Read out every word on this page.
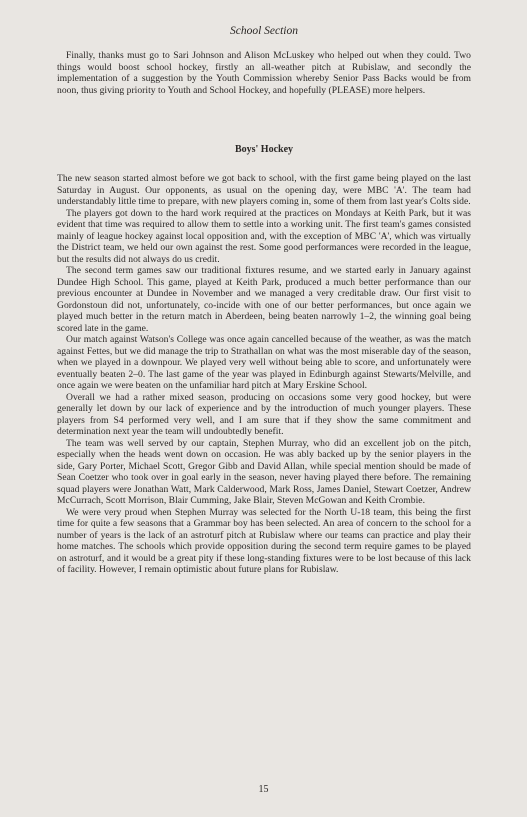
School Section

Finally, thanks must go to Sari Johnson and Alison McLuskey who helped out when they could. Two things would boost school hockey, firstly an all-weather pitch at Rubislaw, and secondly the implementation of a suggestion by the Youth Commission whereby Senior Pass Backs would be from noon, thus giving priority to Youth and School Hockey, and hopefully (PLEASE) more helpers.

Boys' Hockey

The new season started almost before we got back to school, with the first game being played on the last Saturday in August. Our opponents, as usual on the opening day, were MBC 'A'. The team had understandably little time to prepare, with new players coming in, some of them from last year's Colts side.

The players got down to the hard work required at the practices on Mondays at Keith Park, but it was evident that time was required to allow them to settle into a working unit. The first team's games consisted mainly of league hockey against local opposition and, with the exception of MBC 'A', which was virtually the District team, we held our own against the rest. Some good performances were recorded in the league, but the results did not always do us credit.

The second term games saw our traditional fixtures resume, and we started early in January against Dundee High School. This game, played at Keith Park, produced a much better performance than our previous encounter at Dundee in November and we managed a very creditable draw. Our first visit to Gordonstoun did not, unfortunately, co-incide with one of our better performances, but once again we played much better in the return match in Aberdeen, being beaten narrowly 1–2, the winning goal being scored late in the game.

Our match against Watson's College was once again cancelled because of the weather, as was the match against Fettes, but we did manage the trip to Strathallan on what was the most miserable day of the season, when we played in a downpour. We played very well without being able to score, and unfortunately were eventually beaten 2–0. The last game of the year was played in Edinburgh against Stewarts/Melville, and once again we were beaten on the unfamiliar hard pitch at Mary Erskine School.

Overall we had a rather mixed season, producing on occasions some very good hockey, but were generally let down by our lack of experience and by the introduction of much younger players. These players from S4 performed very well, and I am sure that if they show the same commitment and determination next year the team will undoubtedly benefit.

The team was well served by our captain, Stephen Murray, who did an excellent job on the pitch, especially when the heads went down on occasion. He was ably backed up by the senior players in the side, Gary Porter, Michael Scott, Gregor Gibb and David Allan, while special mention should be made of Sean Coetzer who took over in goal early in the season, never having played there before. The remaining squad players were Jonathan Watt, Mark Calderwood, Mark Ross, James Daniel, Stewart Coetzer, Andrew McCurrach, Scott Morrison, Blair Cumming, Jake Blair, Steven McGowan and Keith Crombie.

We were very proud when Stephen Murray was selected for the North U-18 team, this being the first time for quite a few seasons that a Grammar boy has been selected. An area of concern to the school for a number of years is the lack of an astroturf pitch at Rubislaw where our teams can practice and play their home matches. The schools which provide opposition during the second term require games to be played on astroturf, and it would be a great pity if these long-standing fixtures were to be lost because of this lack of facility. However, I remain optimistic about future plans for Rubislaw.

15
